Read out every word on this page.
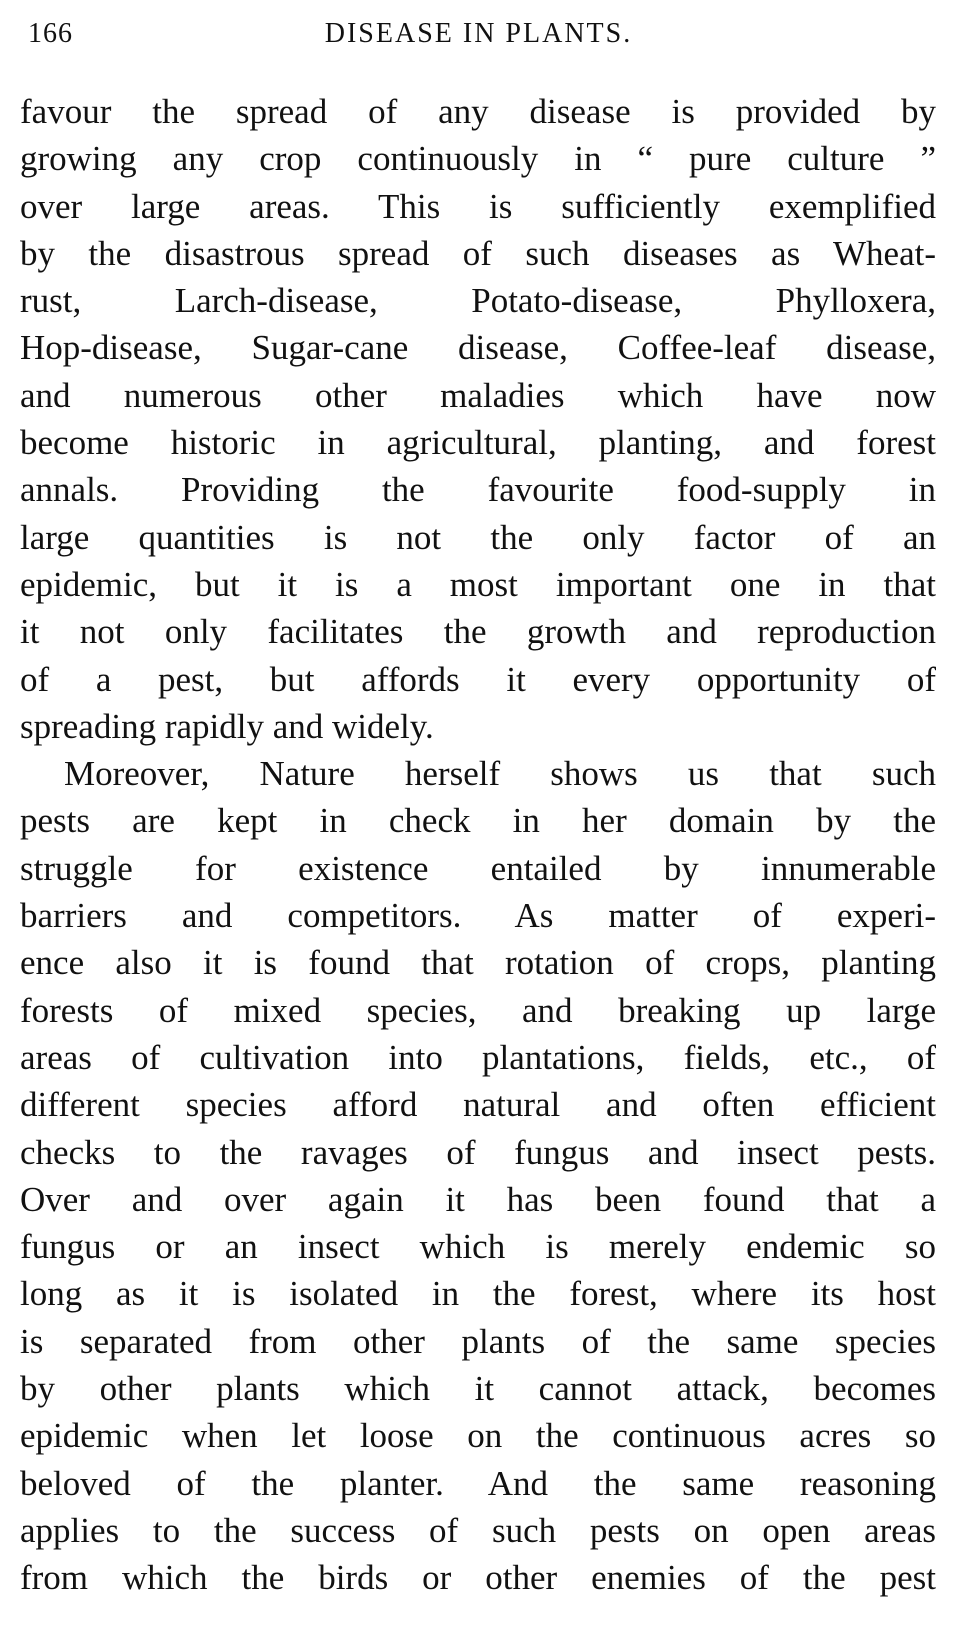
166	DISEASE IN PLANTS.
favour the spread of any disease is provided by
growing any crop continuously in “ pure culture ”
over large areas. This is sufficiently exemplified
by the disastrous spread of such diseases as Wheat-
rust, Larch-disease, Potato-disease, Phylloxera,
Hop-disease, Sugar-cane disease, Coffee-leaf disease,
and numerous other maladies which have now
become historic in agricultural, planting, and forest
annals. Providing the favourite food-supply in
large quantities is not the only factor of an
epidemic, but it is a most important one in that
it not only facilitates the growth and reproduction
of a pest, but affords it every opportunity of
spreading rapidly and widely.
Moreover, Nature herself shows us that such
pests are kept in check in her domain by the
struggle for existence entailed by innumerable
barriers and competitors. As matter of experi-
ence also it is found that rotation of crops, planting
forests of mixed species, and breaking up large
areas of cultivation into plantations, fields, etc., of
different species afford natural and often efficient
checks to the ravages of fungus and insect pests.
Over and over again it has been found that a
fungus or an insect which is merely endemic so
long as it is isolated in the forest, where its host
is separated from other plants of the same species
by other plants which it cannot attack, becomes
epidemic when let loose on the continuous acres so
beloved of the planter. And the same reasoning
applies to the success of such pests on open areas
from which the birds or other enemies of the pest
